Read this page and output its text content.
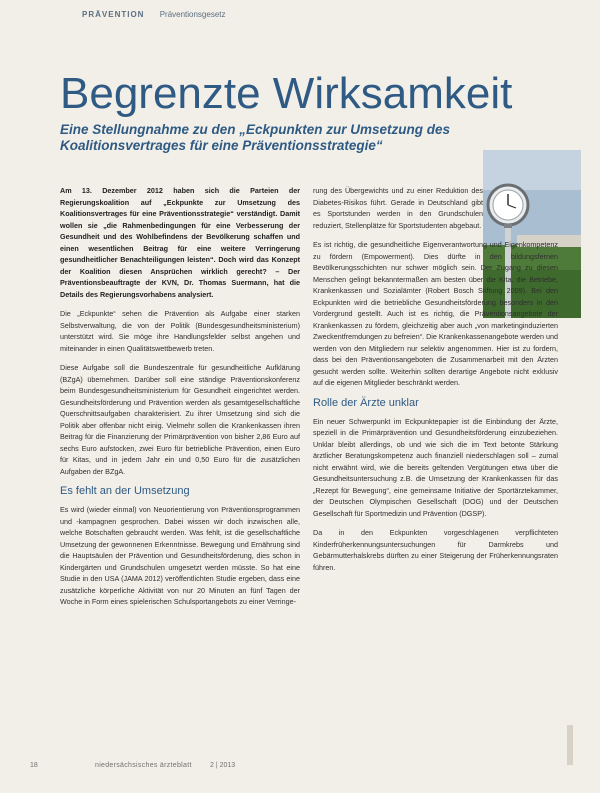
PRÄVENTION Präventionsgesetz
Begrenzte Wirksamkeit
Eine Stellungnahme zu den „Eckpunkten zur Umsetzung des Koalitionsvertrages für eine Präventionsstrategie“

Am 13. Dezember 2012 haben sich die Parteien der Regierungskoalition auf „Eckpunkte zur Umsetzung des Koalitionsvertrages für eine Präventionsstrategie“ verständigt. Damit wollen sie „die Rahmenbedingungen für eine Verbesserung der Gesundheit und des Wohlbefindens der Bevölkerung schaffen und einen wesentlichen Beitrag für eine weitere Verringerung gesundheitlicher Benachteiligungen leisten“. Doch wird das Konzept der Koalition diesen Ansprüchen wirklich gerecht? – Der Präventionsbeauftragte der KVN, Dr. Thomas Suermann, hat die Details des Regierungsvorhabens analysiert.

Die „Eckpunkte“ sehen die Prävention als Aufgabe einer starken Selbstverwaltung, die von der Politik (Bundesgesundheitsministerium) unterstützt wird. Sie möge ihre Handlungsfelder selbst angehen und miteinander in einen Qualitätswettbewerb treten.

Diese Aufgabe soll die Bundeszentrale für gesundheitliche Aufklärung (BZgA) übernehmen. Darüber soll eine ständige Präventionskonferenz beim Bundesgesundheitsministerium für Gesundheit eingerichtet werden. Gesundheitsförderung und Prävention werden als gesamtgesellschaftliche Querschnittsaufgaben charakterisiert. Zu ihrer Umsetzung sind sich die Politik aber offenbar nicht einig. Vielmehr sollen die Krankenkassen ihren Beitrag für die Finanzierung der Primärprävention von bisher 2,86 Euro auf sechs Euro aufstocken, zwei Euro für betriebliche Prävention, einen Euro für Kitas, und in jedem Jahr ein und 0,50 Euro für die zusätzlichen Aufgaben der BZgA.

Es fehlt an der Umsetzung

Es wird (wieder einmal) von Neuorientierung von Präventionsprogrammen und -kampagnen gesprochen. Dabei wissen wir doch inzwischen alle, welche Botschaften gebraucht werden. Was fehlt, ist die gesellschaftliche Umsetzung der gewonnenen Erkenntnisse. Bewegung und Ernährung sind die Hauptsäulen der Prävention und Gesundheitsförderung, dies schon in Kindergärten und Grundschulen umgesetzt werden müsste. So hat eine Studie in den USA (JAMA 2012) veröffentlichten Studie ergeben, dass eine zusätzliche körperliche Aktivität von nur 20 Minuten an fünf Tagen der Woche in Form eines spielerischen Schulsportangebots zu einer Verringe-

rung des Übergewichts und zu einer Reduktion des Diabetes-Risikos führt. Gerade in Deutschland gibt es Sportstunden werden in den Grundschulen reduziert, Stellenplätze für Sportstudenten abgebaut.

Es ist richtig, die gesundheitliche Eigenverantwortung und Eigenkompetenz zu fördern (Empowerment). Dies dürfte in den bildungsfernen Bevölkerungsschichten nur schwer möglich sein. Der Zugang zu diesen Menschen gelingt bekanntermaßen am besten über die Kita, die Betriebe, Krankenkassen und Sozialämter (Robert Bosch Stiftung 2009). Bei den Eckpunkten wird die betriebliche Gesundheitsförderung besonders in den Vordergrund gestellt. Auch ist es richtig, die Präventionsangebote der Krankenkassen zu fördern, gleichzeitig aber auch „von marketinginduzierten Zweckentfremdungen zu befreien“. Die Krankenkassenangebote werden und werden von den Mitgliedern nur selektiv angenommen. Hier ist zu fordern, dass bei den Präventionsangeboten die Zusammenarbeit mit den Ärzten gesucht werden sollte. Weiterhin sollten derartige Angebote nicht exklusiv auf die eigenen Mitglieder beschränkt werden.

Rolle der Ärzte unklar

Ein neuer Schwerpunkt im Eckpunktepapier ist die Einbindung der Ärzte, speziell in die Primärprävention und Gesundheitsförderung einzubeziehen. Unklar bleibt allerdings, ob und wie sich die im Text betonte Stärkung ärztlicher Beratungskompetenz auch finanziell niederschlagen soll – zumal nicht erwähnt wird, wie die bereits geltenden Vergütungen etwa über die Gesundheitsuntersuchung z.B. die Umsetzung der Krankenkassen für das „Rezept für Bewegung“, eine gemeinsame Initiative der Sportärztekammer, der Deutschen Olympischen Gesellschaft (DOG) und der Deutschen Gesellschaft für Sportmedizin und Prävention (DGSP).

Da in den Eckpunkten vorgeschlagenen verpflichteten Kinderfrüherkennungsuntersuchungen für Darmkrebs und Gebärmutterhalskrebs dürften zu einer Steigerung der Früherkennungsraten führen.

18	niedersächsisches ärzteblatt	2 | 2013
